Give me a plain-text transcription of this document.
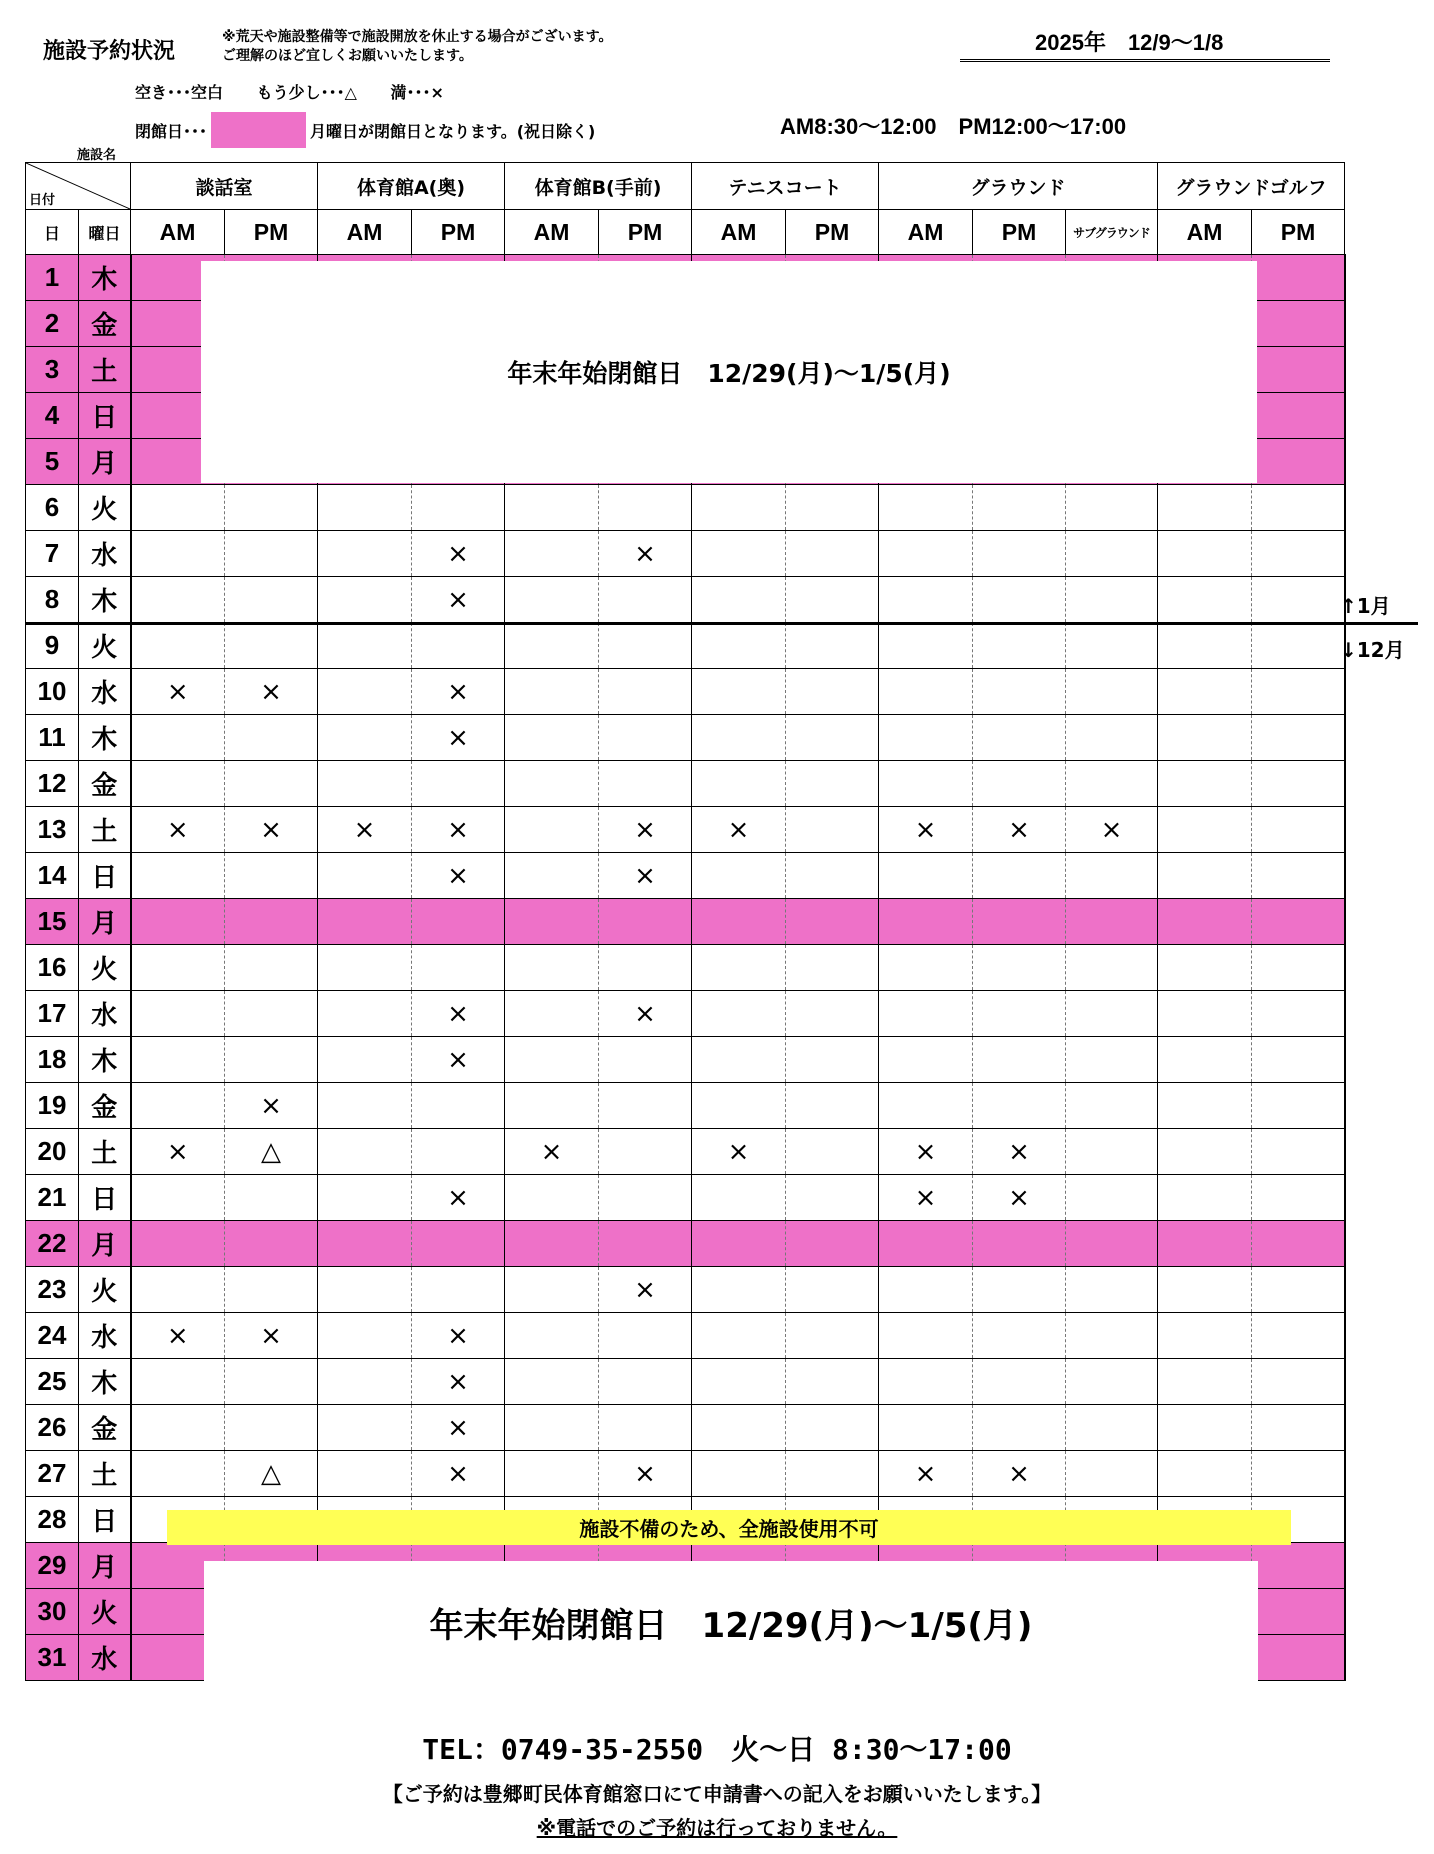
施設予約状況
※荒天や施設整備等で施設開放を休止する場合がございます。
ご理解のほど宜しくお願いいたします。
2025年　12/9～1/8
空き･･･空白 もう少し･･･△ 満･･･×
閉館日･･･	月曜日が閉館日となります。(祝日除く)	AM8:30～12:00　PM12:00～17:00
施設名
日付		談話室		体育館A(奥)		体育館B(手前)		テニスコート		グラウンド			グラウンドゴルフ	
日	曜日	AM	PM	AM	PM	AM	PM	AM	PM	AM	PM	サブグラウンド	AM	PM
1	木													
2	金													
3	土													
4	日													
5	月													
6	火													
7	水				×		×							
8	木				×									
9	火													
10	水	×	×		×									
11	木				×									
12	金													
13	土	×	×	×	×		×	×		×	×	×		
14	日				×		×							
15	月													
16	火													
17	水				×		×							
18	木				×									
19	金		×											
20	土	×	△			×		×		×	×			
21	日				×					×	×			
22	月													
23	火						×							
24	水	×	×		×									
25	木				×									
26	金				×									
27	土		△		×		×			×	×			
28	日													
29	月													
30	火													
31	水													
↑1月
↓12月
年末年始閉館日　12/29(月)～1/5(月)
施設不備のため、全施設使用不可
年末年始閉館日　12/29(月)～1/5(月)
TEL：0749-35-2550　火～日 8:30～17:00
【ご予約は豊郷町民体育館窓口にて申請書への記入をお願いいたします。】
※電話でのご予約は行っておりません。
